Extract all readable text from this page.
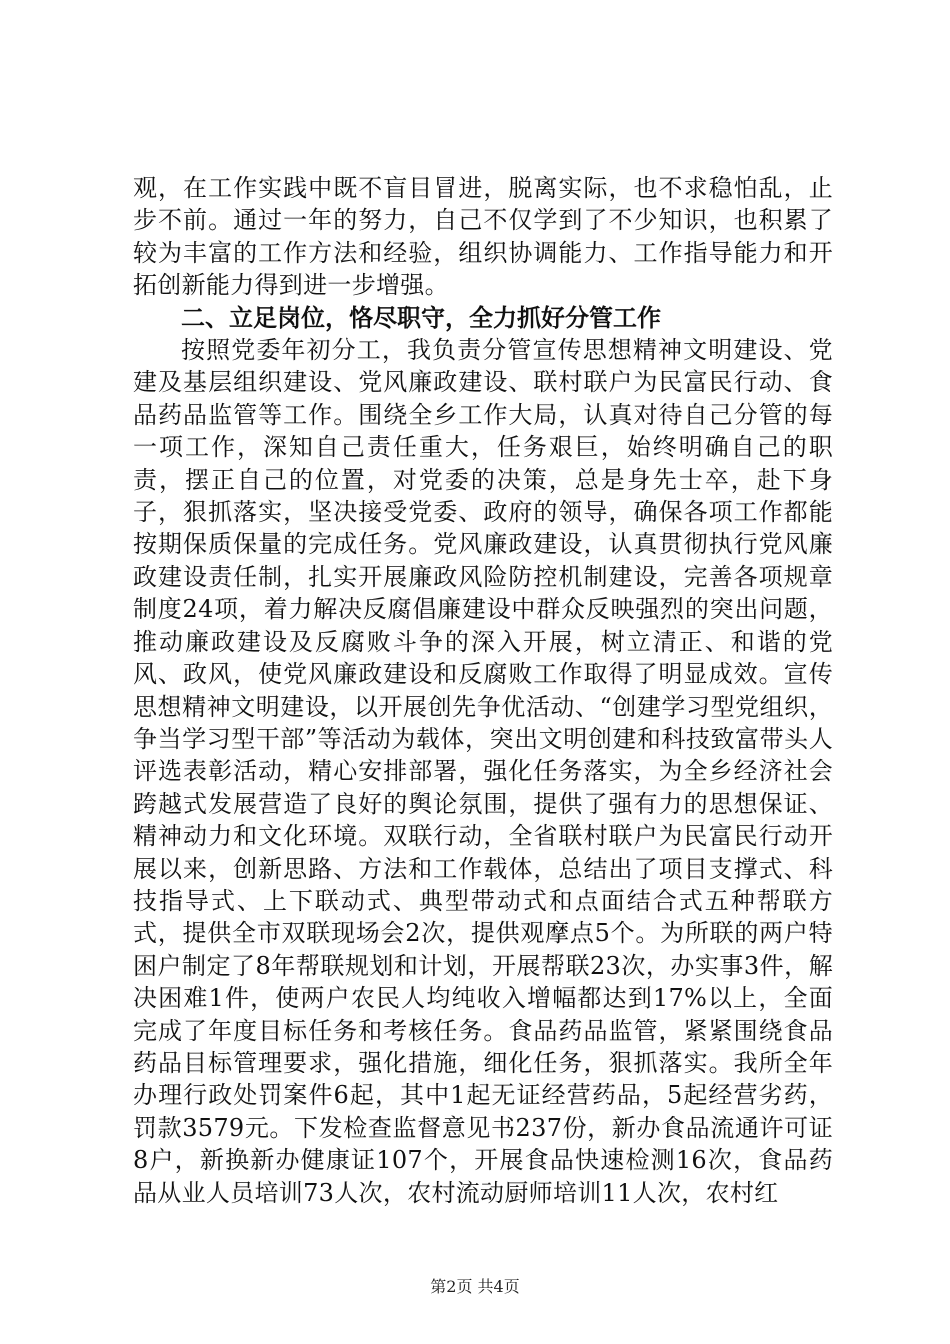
观，在工作实践中既不盲目冒进，脱离实际，也不求稳怕乱，止步不前。通过一年的努力，自己不仅学到了不少知识，也积累了较为丰富的工作方法和经验，组织协调能力、工作指导能力和开拓创新能力得到进一步增强。

二、立足岗位，恪尽职守，全力抓好分管工作

按照党委年初分工，我负责分管宣传思想精神文明建设、党建及基层组织建设、党风廉政建设、联村联户为民富民行动、食品药品监管等工作。围绕全乡工作大局，认真对待自己分管的每一项工作，深知自己责任重大，任务艰巨，始终明确自己的职责，摆正自己的位置，对党委的决策，总是身先士卒，赴下身子，狠抓落实，坚决接受党委、政府的领导，确保各项工作都能按期保质保量的完成任务。党风廉政建设，认真贯彻执行党风廉政建设责任制，扎实开展廉政风险防控机制建设，完善各项规章制度24项，着力解决反腐倡廉建设中群众反映强烈的突出问题，推动廉政建设及反腐败斗争的深入开展，树立清正、和谐的党风、政风，使党风廉政建设和反腐败工作取得了明显成效。宣传思想精神文明建设，以开展创先争优活动、“创建学习型党组织，争当学习型干部”等活动为载体，突出文明创建和科技致富带头人评选表彰活动，精心安排部署，强化任务落实，为全乡经济社会跨越式发展营造了良好的舆论氛围，提供了强有力的思想保证、精神动力和文化环境。双联行动，全省联村联户为民富民行动开展以来，创新思路、方法和工作载体，总结出了项目支撑式、科技指导式、上下联动式、典型带动式和点面结合式五种帮联方式，提供全市双联现场会2次，提供观摩点5个。为所联的两户特困户制定了8年帮联规划和计划，开展帮联23次，办实事3件，解决困难1件，使两户农民人均纯收入增幅都达到17%以上，全面完成了年度目标任务和考核任务。食品药品监管，紧紧围绕食品药品目标管理要求，强化措施，细化任务，狠抓落实。我所全年办理行政处罚案件6起，其中1起无证经营药品，5起经营劣药，罚款3579元。下发检查监督意见书237份，新办食品流通许可证8户，新换新办健康证107个，开展食品快速检测16次，食品药品从业人员培训73人次，农村流动厨师培训11人次，农村红

第2页 共4页
